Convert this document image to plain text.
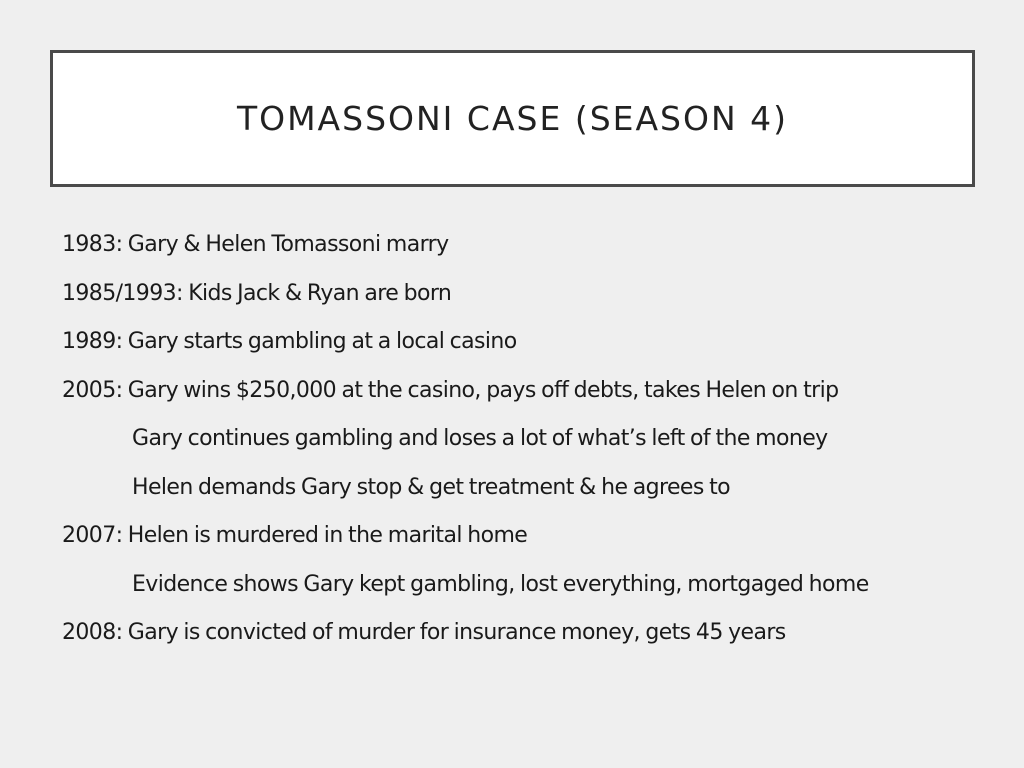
TOMASSONI CASE (SEASON 4)
1983: Gary & Helen Tomassoni marry
1985/1993: Kids Jack & Ryan are born
1989: Gary starts gambling at a local casino
2005: Gary wins $250,000 at the casino, pays off debts, takes Helen on trip
Gary continues gambling and loses a lot of what’s left of the money
Helen demands Gary stop & get treatment & he agrees to
2007: Helen is murdered in the marital home
Evidence shows Gary kept gambling, lost everything, mortgaged home
2008: Gary is convicted of murder for insurance money, gets 45 years
